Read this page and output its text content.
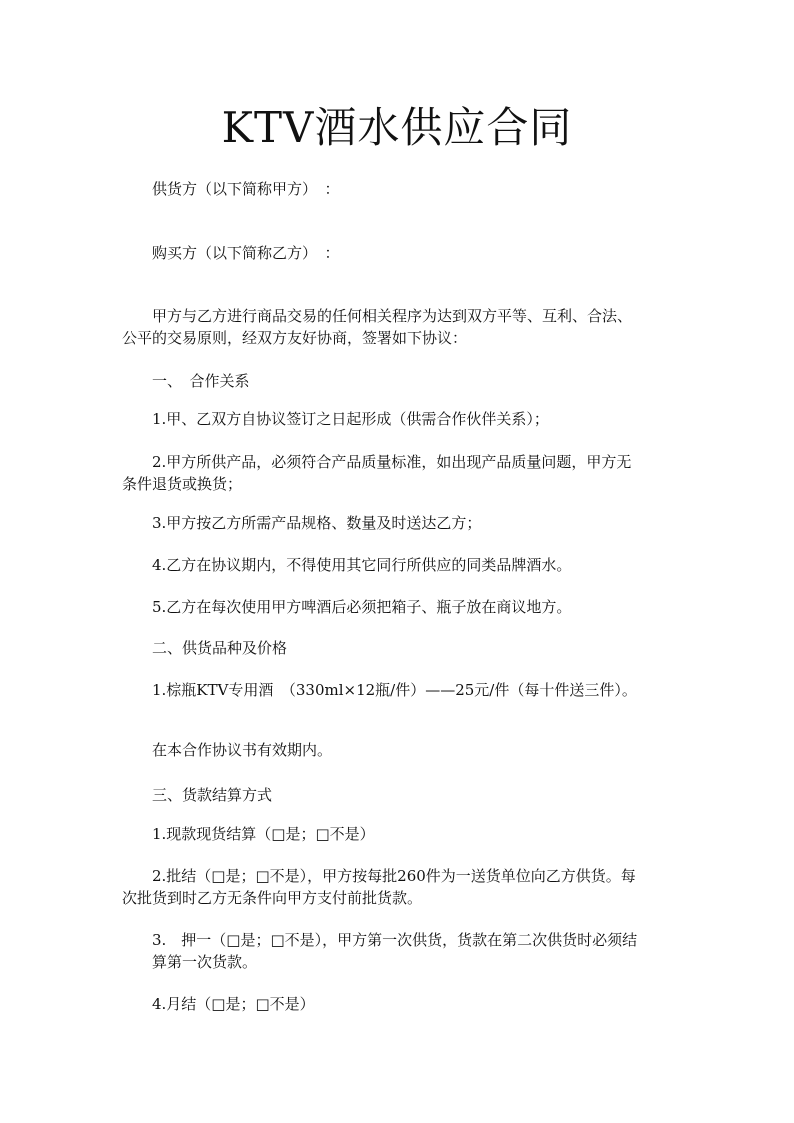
KTV酒水供应合同
供货方（以下简称甲方）　：
购买方（以下简称乙方）　：
甲方与乙方进行商品交易的任何相关程序为达到双方平等、互利、合法、
公平的交易原则，经双方友好协商，签署如下协议：
一、　合作关系
1.甲、乙双方自协议签订之日起形成（供需合作伙伴关系）；
2.甲方所供产品，必须符合产品质量标准，如出现产品质量问题，甲方无
条件退货或换货；
3.甲方按乙方所需产品规格、数量及时送达乙方；
4.乙方在协议期内，不得使用其它同行所供应的同类品牌酒水。
5.乙方在每次使用甲方啤酒后必须把箱子、瓶子放在商议地方。
二、供货品种及价格
1.棕瓶KTV专用酒　（330ml×12瓶/件）——25元/件（每十件送三件）。
在本合作协议书有效期内。
三、货款结算方式
1.现款现货结算（□是；□不是）
2.批结（□是；□不是），甲方按每批260件为一送货单位向乙方供货。每
次批货到时乙方无条件向甲方支付前批货款。
3.　押一（□是；□不是），甲方第一次供货，货款在第二次供货时必须结
算第一次货款。
4.月结（□是；□不是）
